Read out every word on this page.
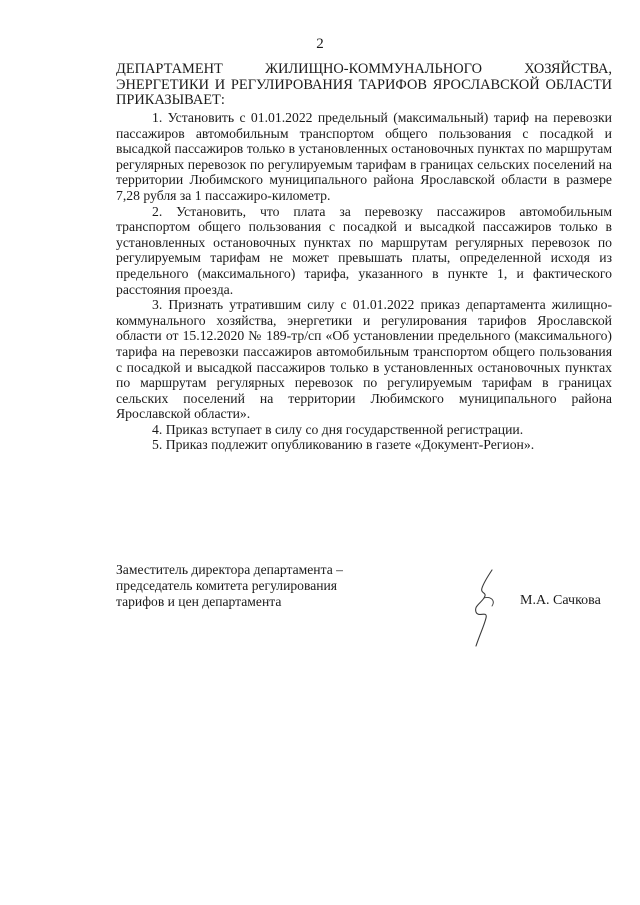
2
ДЕПАРТАМЕНТ ЖИЛИЩНО-КОММУНАЛЬНОГО ХОЗЯЙСТВА, ЭНЕРГЕТИКИ И РЕГУЛИРОВАНИЯ ТАРИФОВ ЯРОСЛАВСКОЙ ОБЛАСТИ ПРИКАЗЫВАЕТ:

1. Установить с 01.01.2022 предельный (максимальный) тариф на перевозки пассажиров автомобильным транспортом общего пользования с посадкой и высадкой пассажиров только в установленных остановочных пунктах по маршрутам регулярных перевозок по регулируемым тарифам в границах сельских поселений на территории Любимского муниципального района Ярославской области в размере 7,28 рубля за 1 пассажиро-километр.

2. Установить, что плата за перевозку пассажиров автомобильным транспортом общего пользования с посадкой и высадкой пассажиров только в установленных остановочных пунктах по маршрутам регулярных перевозок по регулируемым тарифам не может превышать платы, определенной исходя из предельного (максимального) тарифа, указанного в пункте 1, и фактического расстояния проезда.

3. Признать утратившим силу с 01.01.2022 приказ департамента жилищно-коммунального хозяйства, энергетики и регулирования тарифов Ярославской области от 15.12.2020 № 189-тр/сп «Об установлении предельного (максимального) тарифа на перевозки пассажиров автомобильным транспортом общего пользования с посадкой и высадкой пассажиров только в установленных остановочных пунктах по маршрутам регулярных перевозок по регулируемым тарифам в границах сельских поселений на территории Любимского муниципального района Ярославской области».

4. Приказ вступает в силу со дня государственной регистрации.

5. Приказ подлежит опубликованию в газете «Документ-Регион».

Заместитель директора департамента –
председатель комитета регулирования
тарифов и цен департамента	М.А. Сачкова
